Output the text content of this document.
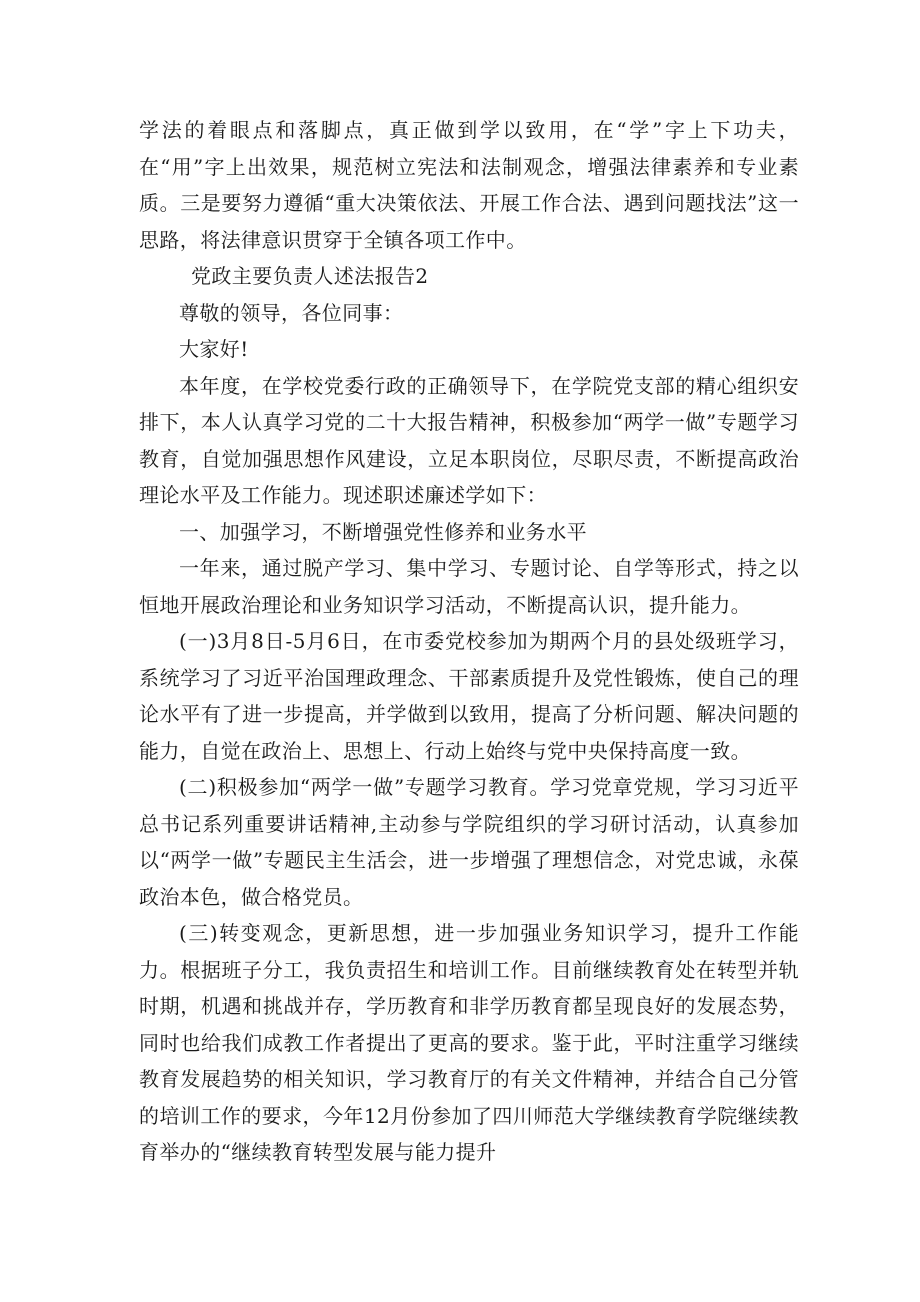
学法的着眼点和落脚点，真正做到学以致用，在“学”字上下功夫，在“用”字上出效果，规范树立宪法和法制观念，增强法律素养和专业素质。三是要努力遵循“重大决策依法、开展工作合法、遇到问题找法”这一思路，将法律意识贯穿于全镇各项工作中。

党政主要负责人述法报告2

尊敬的领导，各位同事：

大家好!

本年度，在学校党委行政的正确领导下，在学院党支部的精心组织安排下，本人认真学习党的二十大报告精神，积极参加“两学一做”专题学习教育，自觉加强思想作风建设，立足本职岗位，尽职尽责，不断提高政治理论水平及工作能力。现述职述廉述学如下：

一、加强学习，不断增强党性修养和业务水平

一年来，通过脱产学习、集中学习、专题讨论、自学等形式，持之以恒地开展政治理论和业务知识学习活动，不断提高认识，提升能力。

(一)3月8日-5月6日，在市委党校参加为期两个月的县处级班学习，系统学习了习近平治国理政理念、干部素质提升及党性锻炼，使自己的理论水平有了进一步提高，并学做到以致用，提高了分析问题、解决问题的能力，自觉在政治上、思想上、行动上始终与党中央保持高度一致。

(二)积极参加“两学一做”专题学习教育。学习党章党规，学习习近平总书记系列重要讲话精神,主动参与学院组织的学习研讨活动，认真参加以“两学一做”专题民主生活会，进一步增强了理想信念，对党忠诚，永葆政治本色，做合格党员。

(三)转变观念，更新思想，进一步加强业务知识学习，提升工作能力。根据班子分工，我负责招生和培训工作。目前继续教育处在转型并轨时期，机遇和挑战并存，学历教育和非学历教育都呈现良好的发展态势，同时也给我们成教工作者提出了更高的要求。鉴于此，平时注重学习继续教育发展趋势的相关知识，学习教育厅的有关文件精神，并结合自己分管的培训工作的要求，今年12月份参加了四川师范大学继续教育学院继续教育举办的“继续教育转型发展与能力提升
